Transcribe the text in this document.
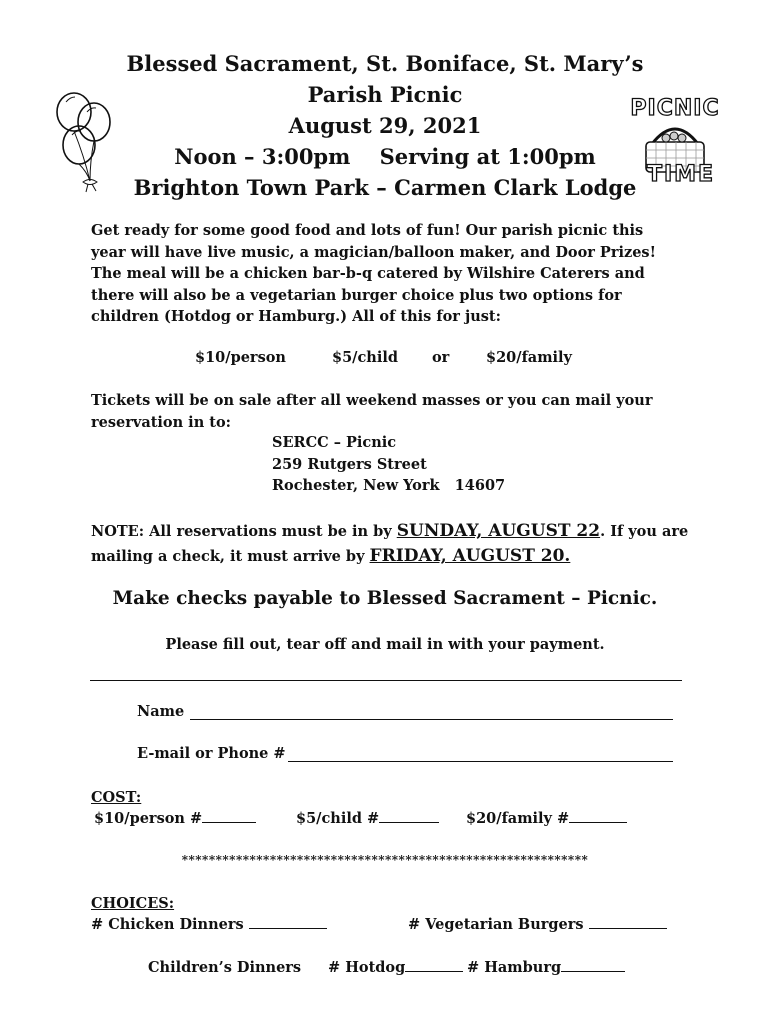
PICNIC
TIME
Blessed Sacrament, St. Boniface, St. Mary’s
Parish Picnic
August 29, 2021
Noon – 3:00pm    Serving at 1:00pm
Brighton Town Park – Carmen Clark Lodge
Get ready for some good food and lots of fun! Our parish picnic this year will have live music, a magician/balloon maker, and Door Prizes! The meal will be a chicken bar-b-q catered by Wilshire Caterers and there will also be a vegetarian burger choice plus two options for children (Hotdog or Hamburg.) All of this for just:
$10/person	$5/child or	$20/family
Tickets will be on sale after all weekend masses or you can mail your reservation in to:
SERCC – Picnic
259 Rutgers Street
Rochester, New York   14607
NOTE: All reservations must be in by SUNDAY, AUGUST 22. If you are mailing a check, it must arrive by FRIDAY, AUGUST 20.
Make checks payable to Blessed Sacrament – Picnic.
Please fill out, tear off and mail in with your payment.
Name
E-mail or Phone #
COST:
$10/person #	$5/child #	$20/family #
************************************************************
CHOICES:
# Chicken Dinners	# Vegetarian Burgers
Children’s Dinners # Hotdog	# Hamburg
